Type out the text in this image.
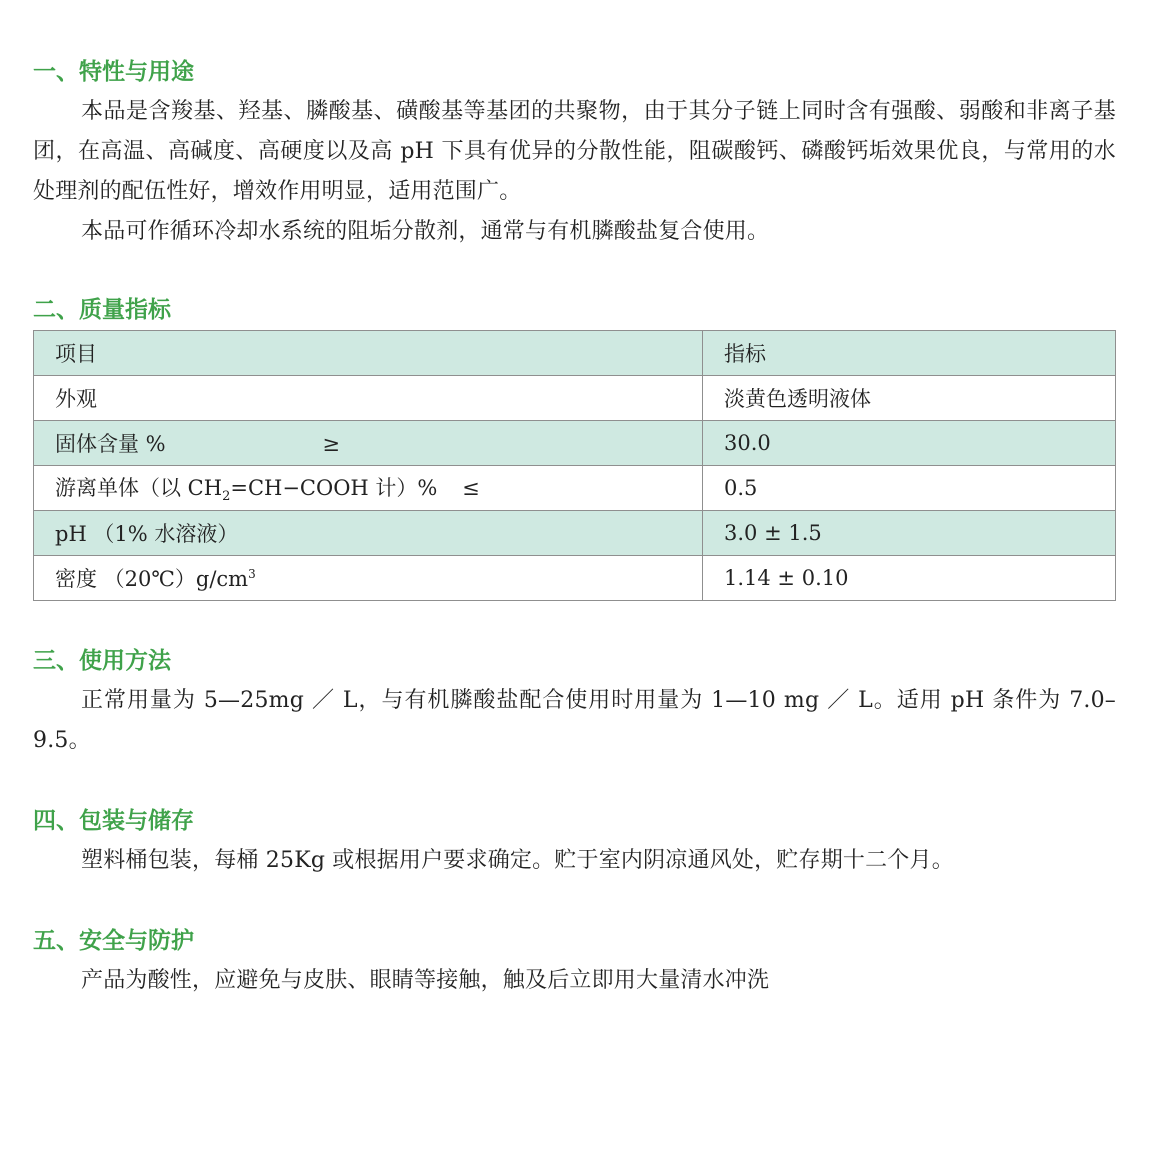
一、特性与用途

本品是含羧基、羟基、膦酸基、磺酸基等基团的共聚物，由于其分子链上同时含有强酸、弱酸和非离子基团，在高温、高碱度、高硬度以及高 pH 下具有优异的分散性能，阻碳酸钙、磷酸钙垢效果优良，与常用的水处理剂的配伍性好，增效作用明显，适用范围广。

本品可作循环冷却水系统的阻垢分散剂，通常与有机膦酸盐复合使用。

二、质量指标
项目	指标
外观	淡黄色透明液体
固体含量 % ≥	30.0
游离单体（以 $CH_2=CH-COOH$ 计）% ≤	0.5
pH （1% 水溶液）	3.0 ± 1.5
密度 $(20℃)g/cm^3$	1.14 ± 0.10
三、使用方法

正常用量为 5—25mg ／ L，与有机膦酸盐配合使用时用量为 1—10 mg ／ L。适用 pH 条件为 7.0–9.5。

四、包装与储存

塑料桶包装，每桶 25Kg 或根据用户要求确定。贮于室内阴凉通风处，贮存期十二个月。

五、安全与防护

产品为酸性，应避免与皮肤、眼睛等接触，触及后立即用大量清水冲洗
